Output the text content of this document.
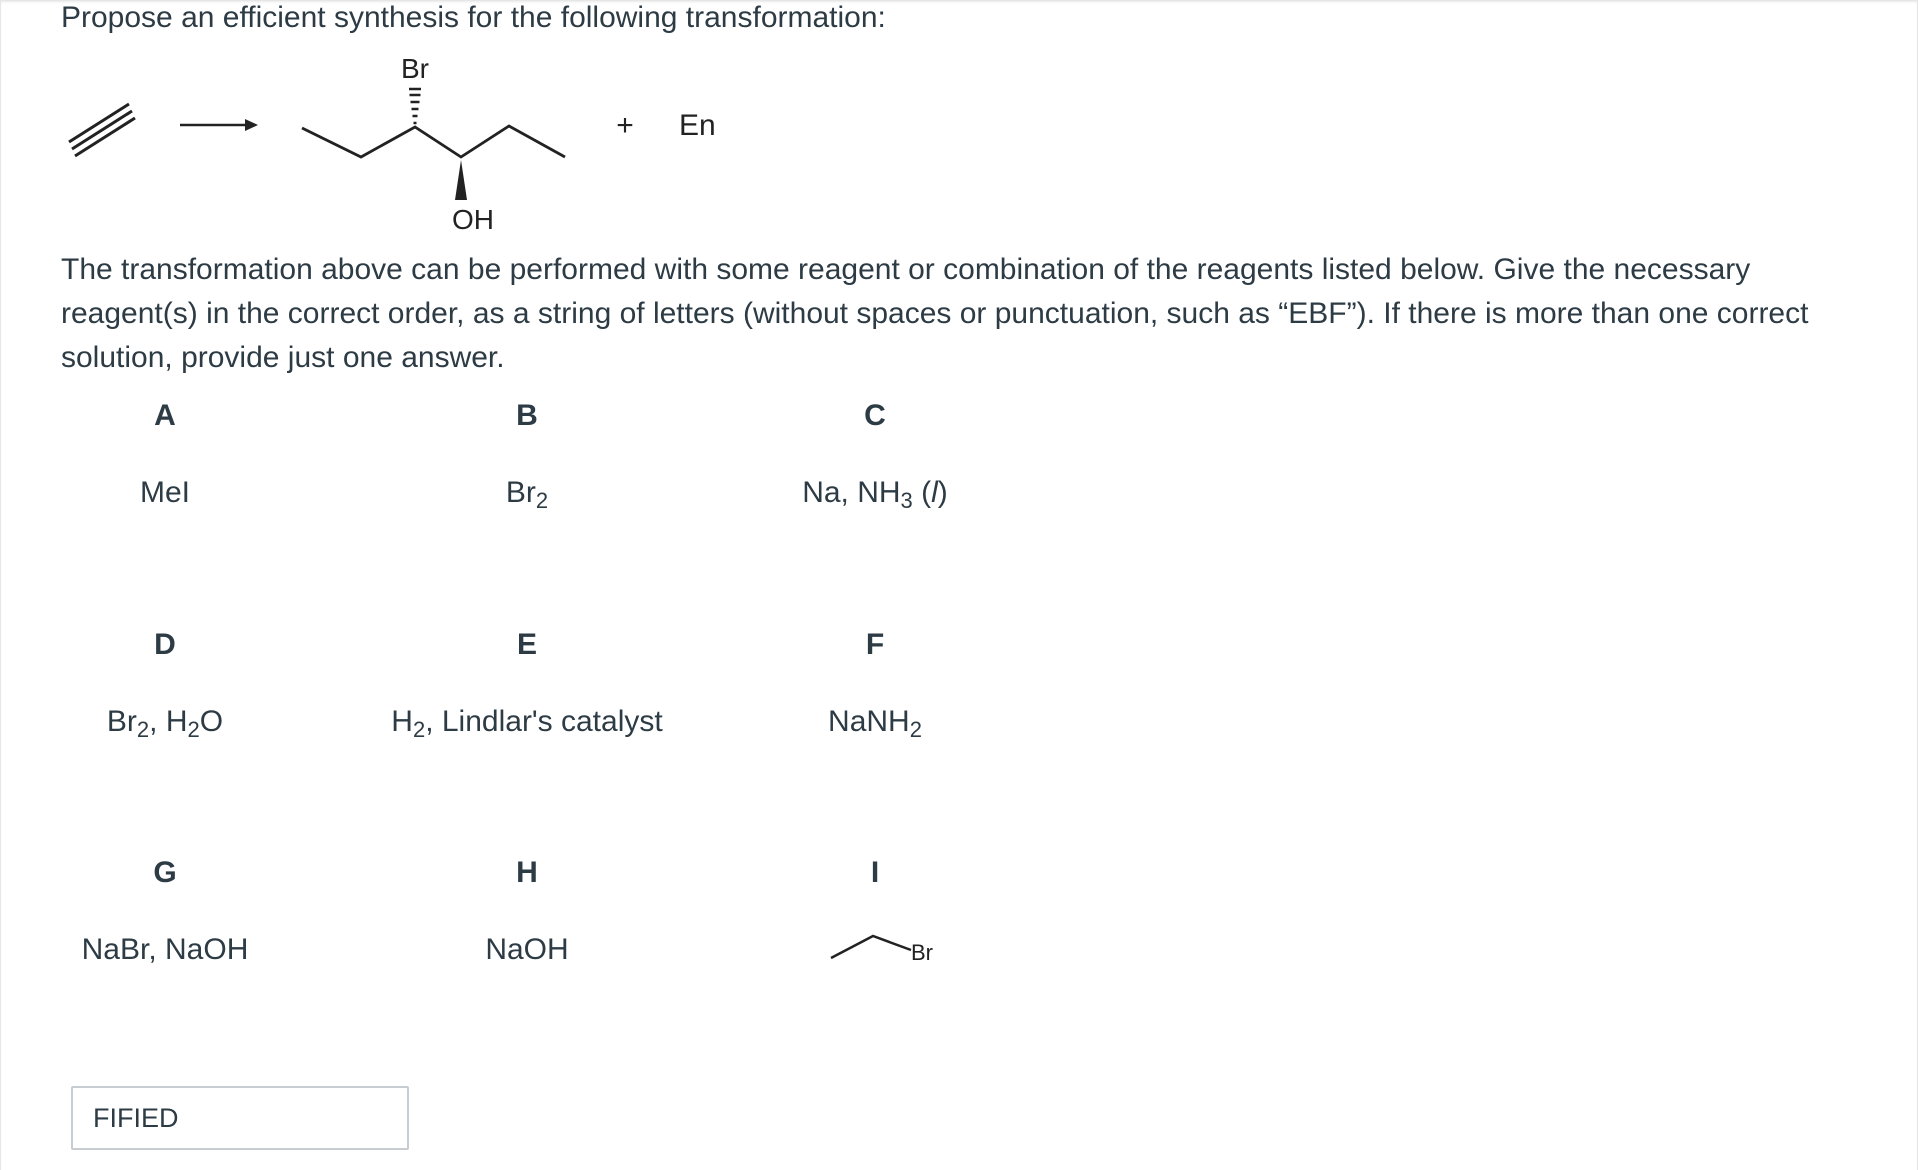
Propose an efficient synthesis for the following transformation:
Br
OH
+ En
The transformation above can be performed with some reagent or combination of the reagents listed below. Give the necessary reagent(s) in the correct order, as a string of letters (without spaces or punctuation, such as “EBF”). If there is more than one correct solution, provide just one answer.
A
MeI
B
$Br_2$
C
Na, $NH_3$ (l)
D
$Br_2$, $H_2O$
E
$H_2$, Lindlar's catalyst
F
NaNH$_2$
G
NaBr, NaOH
H
NaOH
I
Br
FIFIED
